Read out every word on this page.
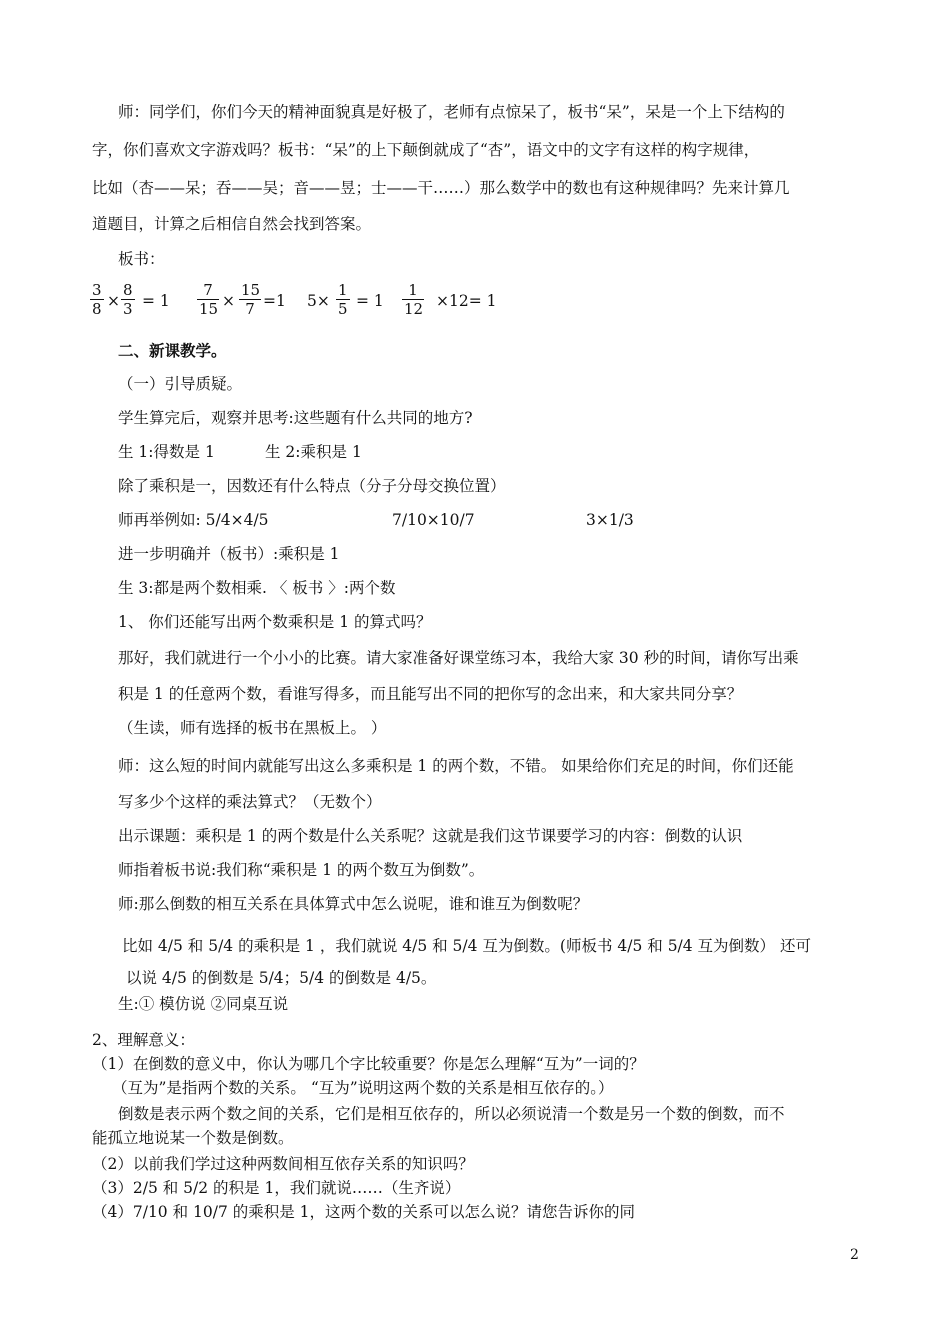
师：同学们，你们今天的精神面貌真是好极了，老师有点惊呆了，板书“呆”，呆是一个上下结构的
字，你们喜欢文字游戏吗？板书：“呆”的上下颠倒就成了“杏”，语文中的文字有这样的构字规律，
比如（杏——呆；吞——吴；音——昱；士——干……）那么数学中的数也有这种规律吗？先来计算几
道题目，计算之后相信自然会找到答案。
板书：
3
8 ×
8
3 = 1
7
15 ×
15
7 =1 5×
1
5 = 1
1
12 ×12= 1
二、新课教学。
（一）引导质疑。
学生算完后，观察并思考:这些题有什么共同的地方?
生 1:得数是 1	生 2:乘积是 1
除了乘积是一，因数还有什么特点（分子分母交换位置）
师再举例如: 5/4×4/5	7/10×10/7	3×1/3
进一步明确并（板书）:乘积是 1
生 3:都是两个数相乘. 〈 板书 〉:两个数
1、 你们还能写出两个数乘积是 1 的算式吗？
那好，我们就进行一个小小的比赛。请大家准备好课堂练习本，我给大家 30 秒的时间，请你写出乘
积是 1 的任意两个数，看谁写得多，而且能写出不同的把你写的念出来，和大家共同分享？
（生读，师有选择的板书在黑板上。 ）
师：这么短的时间内就能写出这么多乘积是 1 的两个数，不错。 如果给你们充足的时间，你们还能
写多少个这样的乘法算式？（无数个）
出示课题：乘积是 1 的两个数是什么关系呢？这就是我们这节课要学习的内容：倒数的认识
师指着板书说:我们称“乘积是 1 的两个数互为倒数”。
师:那么倒数的相互关系在具体算式中怎么说呢，谁和谁互为倒数呢？
比如 4/5 和 5/4 的乘积是 1 ，我们就说 4/5 和 5/4 互为倒数。(师板书 4/5 和 5/4 互为倒数） 还可
以说 4/5 的倒数是 5/4；5/4 的倒数是 4/5。
生:① 模仿说 ②同桌互说
2、理解意义：
（1）在倒数的意义中，你认为哪几个字比较重要？你是怎么理解“互为”一词的？
（互为”是指两个数的关系。 “互为”说明这两个数的关系是相互依存的。）
倒数是表示两个数之间的关系，它们是相互依存的，所以必须说清一个数是另一个数的倒数，而不
能孤立地说某一个数是倒数。
（2）以前我们学过这种两数间相互依存关系的知识吗？
（3）2/5 和 5/2 的积是 1，我们就说……（生齐说）
（4）7/10 和 10/7 的乘积是 1，这两个数的关系可以怎么说？请您告诉你的同
2
